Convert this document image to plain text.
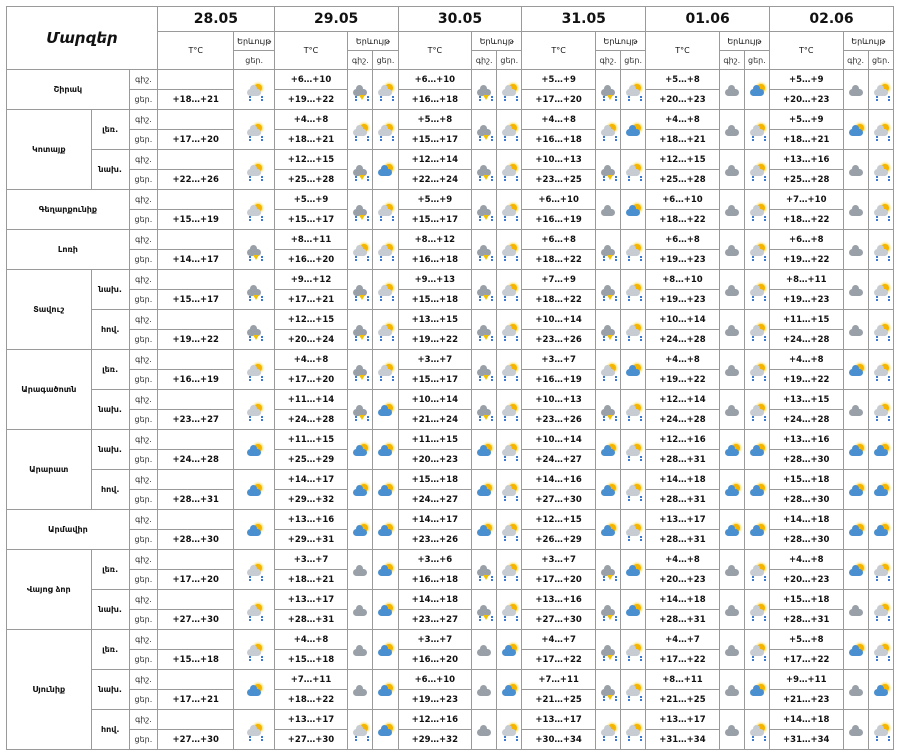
Մարզեր			28.05		29.05			30.05			31.05			01.06			02.06		
			T°C	Երևույթ	T°C	Երևույթ		T°C	Երևույթ		T°C	Երևույթ		T°C	Երևույթ		T°C	Երևույթ	
				ցեր.		գիշ.	ցեր.		գիշ.	ցեր.		գիշ.	ցեր.		գիշ.	ցեր.		գիշ.	ցեր.
Շիրակ		գիշ.			+6…+10			+6…+10			+5…+9			+5…+8			+5…+9	

		ցեր.	+18…+21		+19…+22			+16…+18			+17…+20			+20…+23			+20…+23		
Կոտայք	լեռ.	գիշ.			+4…+8			+5…+8			+4…+8			+4…+8			+5…+9	

		ցեր.	+17…+20		+18…+21			+15…+17			+16…+18			+18…+21			+18…+21		
	նախ.	գիշ.			+12…+15			+12…+14			+10…+13			+12…+15			+13…+16	

		ցեր.	+22…+26		+25…+28			+22…+24			+23…+25			+25…+28			+25…+28		
Գեղարքունիք		գիշ.			+5…+9			+5…+9			+6…+10			+6…+10			+7…+10	

		ցեր.	+15…+19		+15…+17			+15…+17			+16…+19			+18…+22			+18…+22		
Լոռի		գիշ.			+8…+11			+8…+12			+6…+8			+6…+8			+6…+8	

		ցեր.	+14…+17		+16…+20			+16…+18			+18…+22			+19…+23			+19…+22		
Տավուշ	նախ.	գիշ.			+9…+12			+9…+13			+7…+9			+8…+10			+8…+11	

		ցեր.	+15…+17		+17…+21			+15…+18			+18…+22			+19…+23			+19…+23		
	հով.	գիշ.			+12…+15			+13…+15			+10…+14			+10…+14			+11…+15	

		ցեր.	+19…+22		+20…+24			+19…+22			+23…+26			+24…+28			+24…+28		
Արագածոտն	լեռ.	գիշ.			+4…+8			+3…+7			+3…+7			+4…+8			+4…+8	

		ցեր.	+16…+19		+17…+20			+15…+17			+16…+19			+19…+22			+19…+22		
	նախ.	գիշ.			+11…+14			+10…+14			+10…+13			+12…+14			+13…+15	

		ցեր.	+23…+27		+24…+28			+21…+24			+23…+26			+24…+28			+24…+28		
Արարատ	նախ.	գիշ.			+11…+15			+11…+15			+10…+14			+12…+16			+13…+16	

		ցեր.	+24…+28		+25…+29			+20…+23			+24…+27			+28…+31			+28…+30		
	հով.	գիշ.			+14…+17			+15…+18			+14…+16			+14…+18			+15…+18	

		ցեր.	+28…+31		+29…+32			+24…+27			+27…+30			+28…+31			+28…+30		
Արմավիր		գիշ.			+13…+16			+14…+17			+12…+15			+13…+17			+14…+18	

		ցեր.	+28…+30		+29…+31			+23…+26			+26…+29			+28…+31			+28…+30		
Վայոց ձոր	լեռ.	գիշ.			+3…+7			+3…+6			+3…+7			+4…+8			+4…+8	

		ցեր.	+17…+20		+18…+21			+16…+18			+17…+20			+20…+23			+20…+23		
	նախ.	գիշ.			+13…+17			+14…+18			+13…+16			+14…+18			+15…+18	

		ցեր.	+27…+30		+28…+31			+23…+27			+27…+30			+28…+31			+28…+31		
Սյունիք	լեռ.	գիշ.			+4…+8			+3…+7			+4…+7			+4…+7			+5…+8	

		ցեր.	+15…+18		+15…+18			+16…+20			+17…+22			+17…+22			+17…+22		
	նախ.	գիշ.			+7…+11			+6…+10			+7…+11			+8…+11			+9…+11	

		ցեր.	+17…+21		+18…+22			+19…+23			+21…+25			+21…+25			+21…+23		
	հով.	գիշ.			+13…+17			+12…+16			+13…+17			+13…+17			+14…+18	

		ցեր.	+27…+30		+27…+30			+29…+32			+30…+34			+31…+34			+31…+34		
